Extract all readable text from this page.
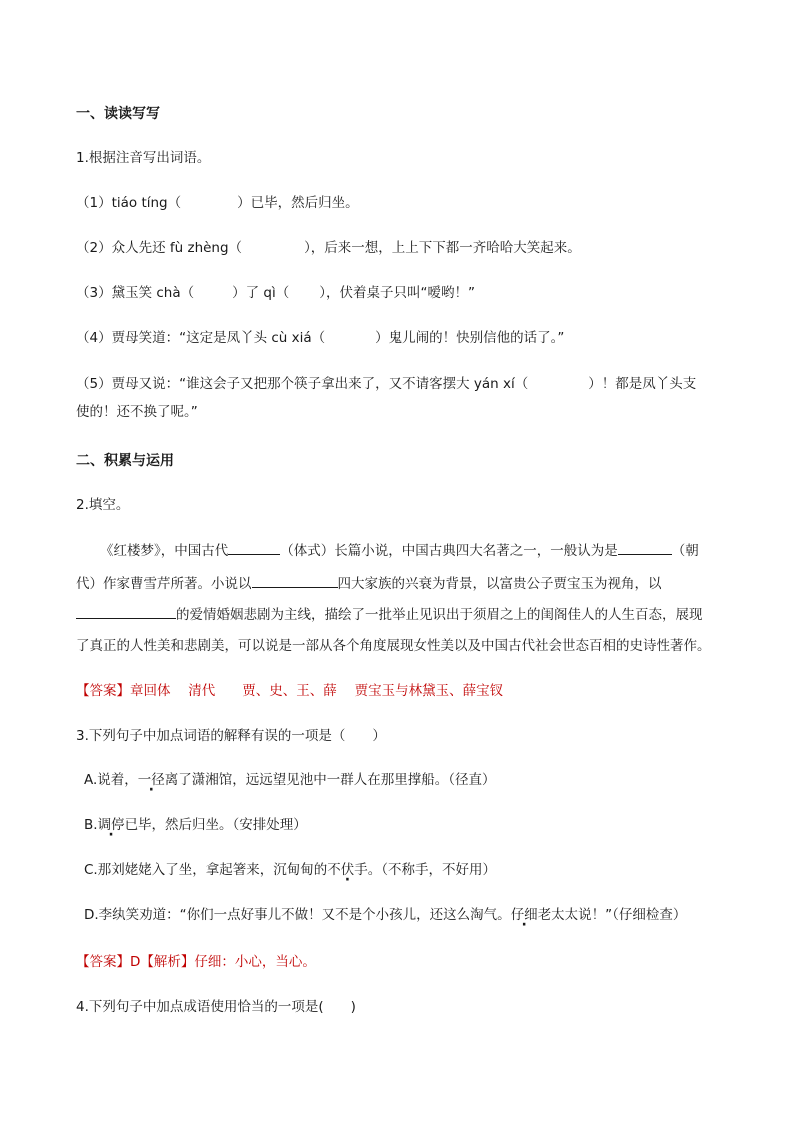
一、读读写写
1.根据注音写出词语。
（1）tiáo tíng（	）已毕，然后归坐。
（2）众人先还 fù zhèng（	），后来一想，上上下下都一齐哈哈大笑起来。
（3）黛玉笑 chà（	）了 qì（ ），伏着桌子只叫“嗳哟！”
（4）贾母笑道：“这定是凤丫头 cù xiá（	）鬼儿闹的！快别信他的话了。”
（5）贾母又说：“谁这会子又把那个筷子拿出来了，又不请客摆大 yán xí（	）！都是凤丫头支
使的！还不换了呢。”
二、积累与运用
2.填空。
《红楼梦》，中国古代	（体式）长篇小说，中国古典四大名著之一，一般认为是	（朝
代）作家曹雪芹所著。小说以	四大家族的兴衰为背景，以富贵公子贾宝玉为视角，以
的爱情婚姻悲剧为主线，描绘了一批举止见识出于须眉之上的闺阁佳人的人生百态，展现
了真正的人性美和悲剧美，可以说是一部从各个角度展现女性美以及中国古代社会世态百相的史诗性著作。
【答案】章回体　 清代　　贾、史、王、薛　 贾宝玉与林黛玉、薛宝钗
3.下列句子中加点词语的解释有误的一项是（　　）
A.说着，一径离了潇湘馆，远远望见池中一群人在那里撑船。（径直）
B.调停已毕，然后归坐。（安排处理）
C.那刘姥姥入了坐，拿起箸来，沉甸甸的不伏手。（不称手，不好用）
D.李纨笑劝道：“你们一点好事儿不做！又不是个小孩儿，还这么淘气。仔细老太太说！”（仔细检查）
【答案】D【解析】仔细：小心，当心。
4.下列句子中加点成语使用恰当的一项是(　　)
